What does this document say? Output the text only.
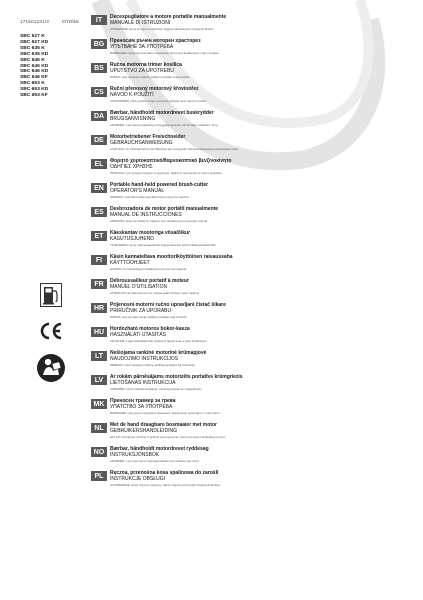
171501231/3	07/2015
SBC 627 K
SBC 627 KD
SBC 635 K
SBC 635 KD
SBC 645 K
SBC 645 KD
SBC 646 KD
SBC 646 KF
SBC 653 K
SBC 653 KD
SBC 653 KF
IT	Decespugliatore a motore portatile manualmente
MANUALE DI ISTRUZIONI
ATTENZIONE: prima di usare la macchina, leggere attentamente il presente libretto
BG	Преносим ръчен моторен храсторез
УПЪТВАНЕ ЗА УПОТРЕБА
ВНИМАНИЕ: преди да използвате машината, прочетете внимателно това упътване
BS	Ručna motorna trimer kosilica
UPUTSTVO ZA UPOTREBU
PAŽNJA: prije upotrebe mašine, pažljivo pročitajte ovaj priručnik
CS	Ruční přenosný motorový křovinořez
NÁVOD K POUŽITÍ
UPOZORNĚNÍ: před použitím stroje si pozorně přečtěte tento návod k použití
DA	Bærbar, håndholdt motordrevet buskrydder
BRUGSANVISNING
ADVARSEL: Læs denne vejledning omhyggeligt igennem, før du tager maskinen i brug
DE	Motorbetriebener Freischneider
GEBRAUCHSANWEISUNG
ACHTUNG: vor Inbetriebnahme der Maschine die vorliegende Gebrauchsanweisung aufmerksam lesen
EL	Φορητό χορτοκοπτικό/θαμνοκοπτικό βενζινοκίνητο
ΟΔΗΓΙΕΣ ΧΡΗΣΗΣ
ΠΡΟΣΟΧΗ: πριν χρησιμοποιήσετε το μηχάνημα, διαβάστε προσεκτικά το παρόν εγχειρίδιο
EN	Portable hand-held powered brush-cutter
OPERATOR'S MANUAL
WARNING: read this booklet carefully before using the machine
ES	Desbrozadora de motor portátil manualmente
MANUAL DE INSTRUCCIONES
ATENCIÓN: antes de utilizar la máquina, leer atentamente el presente manual
ET	Käeskantav mootoriga võsalõikur
KASUTUSJUHEND
TÄHELEPANU: enne masina kasutamist lugege käesolev juhend tähelepanelikult läbi
FI	Käsin kannateltava moottoriköyttöinen raivaussaha
KÄYTTÖOHJEET
HUOMIO: lue käyttöohjeet huolellisesti ennen koneen käyttöä
FR	Débroussailleur portatif à moteur
MANUEL D'UTILISATION
ATTENTION: lire attentivement ce manuel avant d'utiliser cette machine
HR	Prijenosni motorni ručno upravljani čistač šikare
PRIRUČNIK ZA UPORABU
PAZNJA: prije uporabe stroja, pažljivo pročitajte ovaj priručnik
HU	Hordozható motoros bokor-kasza
HASZNÁLATI UTASÍTÁS
FIGYELEM: a gép használata előtt olvassa el figyelmesen a jelen kézikönyvet
LT	Nešiojama rankinė motorinė krūmapjovė
NAUDOJIMO INSTRUKCIJOS
DĖMESIO: prieš naudojant mašiną, atidžiai perskaityti šią instrukciją
LV	Ar rokām pārnēsājams motorizēts portatīvs krūmgriezis
LIETOŠANAS INSTRUKCIJA
UZMANĪBU: pirms mašīnas lietošanas, uzmanīgi izlasiet šo rokasgrāmatu
MK	Преносен тример за трева
УПАТСТВО ЗА УПОТРЕБА
ВНИМАНИЕ: пред да ја употребите машината, внимателно прочитајте го упатството
NL	Met de hand draagbare bosmaaier met motor
GEBRUIKERSHANDLEIDING
LET OP: voordat de machine in gebruik wordt genomen, dient men deze handleiding te lezen
NO	Bærbar, håndholdt motordrevet ryddesag
INSTRUKSJONSBOK
ADVARSEL: Les nøye denne instruksjonsboken før maskinen tas i bruk
PL	Ręczna, przenośna kosa spalinowa do zarośli
INSTRUKCJE OBSŁUGI
OSTRZEŻENIE: przed użyciem maszyny, należy uważnie przeczytać niniejszą instrukcję
